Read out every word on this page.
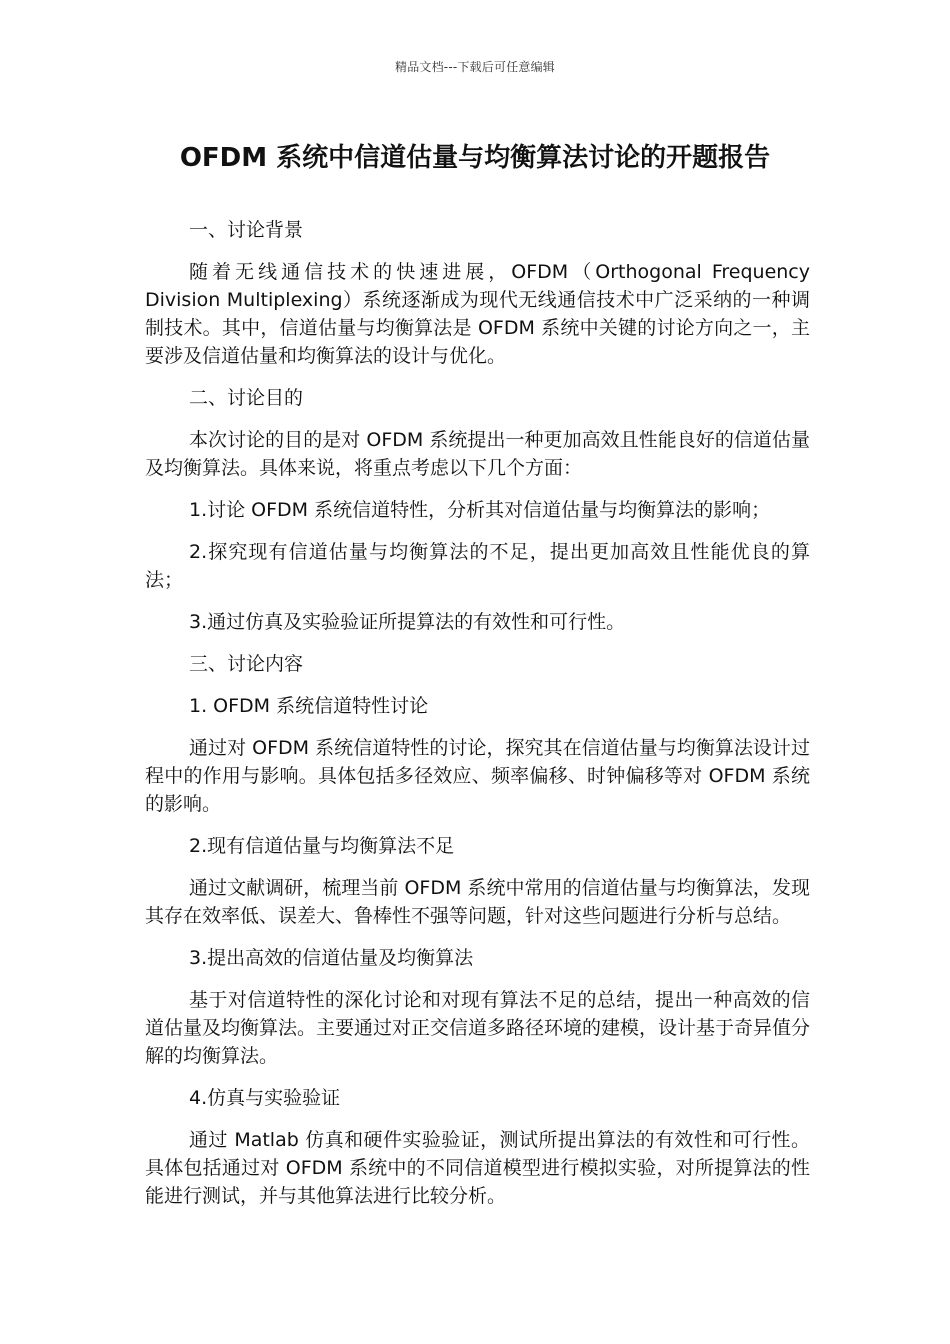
精品文档---下载后可任意编辑
OFDM 系统中信道估量与均衡算法讨论的开题报告

一、讨论背景

随着无线通信技术的快速进展，OFDM（Orthogonal Frequency Division Multiplexing）系统逐渐成为现代无线通信技术中广泛采纳的一种调制技术。其中，信道估量与均衡算法是 OFDM 系统中关键的讨论方向之一，主要涉及信道估量和均衡算法的设计与优化。

二、讨论目的

本次讨论的目的是对 OFDM 系统提出一种更加高效且性能良好的信道估量及均衡算法。具体来说，将重点考虑以下几个方面：

1.讨论 OFDM 系统信道特性，分析其对信道估量与均衡算法的影响；

2.探究现有信道估量与均衡算法的不足，提出更加高效且性能优良的算法；

3.通过仿真及实验验证所提算法的有效性和可行性。

三、讨论内容

1. OFDM 系统信道特性讨论

通过对 OFDM 系统信道特性的讨论，探究其在信道估量与均衡算法设计过程中的作用与影响。具体包括多径效应、频率偏移、时钟偏移等对 OFDM 系统的影响。

2.现有信道估量与均衡算法不足

通过文献调研，梳理当前 OFDM 系统中常用的信道估量与均衡算法，发现其存在效率低、误差大、鲁棒性不强等问题，针对这些问题进行分析与总结。

3.提出高效的信道估量及均衡算法

基于对信道特性的深化讨论和对现有算法不足的总结，提出一种高效的信道估量及均衡算法。主要通过对正交信道多路径环境的建模，设计基于奇异值分解的均衡算法。

4.仿真与实验验证

通过 Matlab 仿真和硬件实验验证，测试所提出算法的有效性和可行性。具体包括通过对 OFDM 系统中的不同信道模型进行模拟实验，对所提算法的性能进行测试，并与其他算法进行比较分析。
